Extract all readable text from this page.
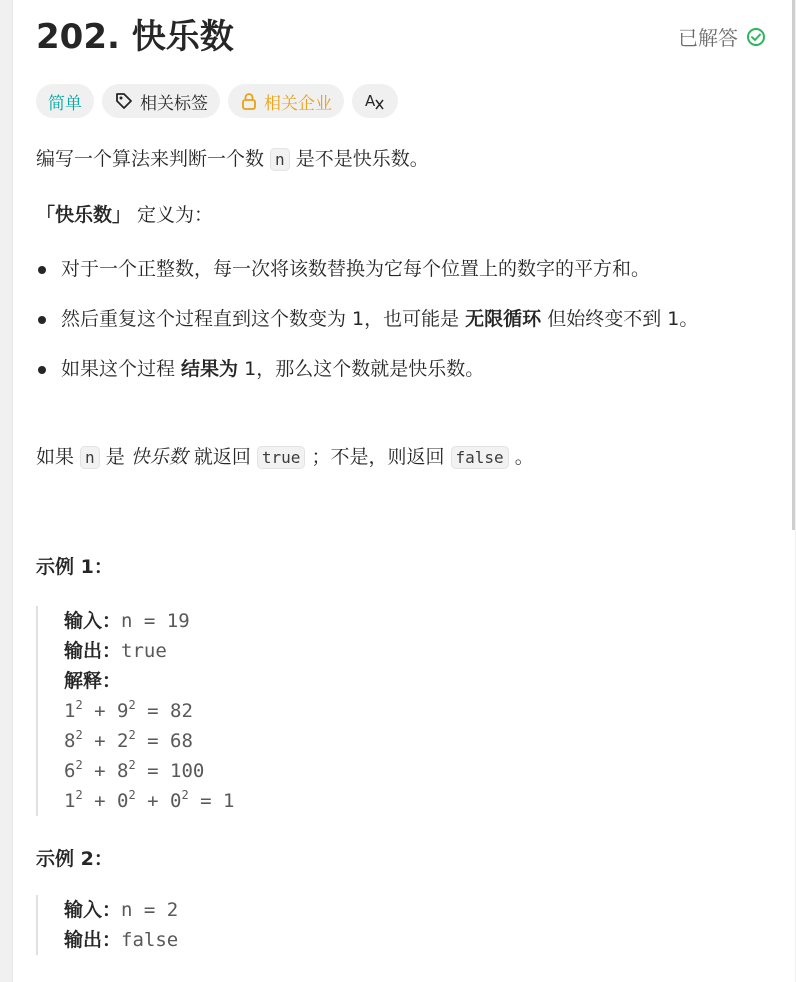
202. 快乐数	已解答
简单	相关标签	相关企业 A

编写一个算法来判断一个数 n 是不是快乐数。

「快乐数」 定义为：

对于一个正整数，每一次将该数替换为它每个位置上的数字的平方和。
然后重复这个过程直到这个数变为 1，也可能是 无限循环 但始终变不到 1。
如果这个过程 结果为 1，那么这个数就是快乐数。

如果 n 是 快乐数 就返回 true ；不是，则返回 false 。

示例 1：
输入：n = 19
输出：true
解释：
$1^2 + 9^2 = 82$
$8^2 + 2^2 = 68$
$6^2 + 8^2 = 100$
$1^2 + 0^2 + 0^2 = 1$
示例 2：
输入：n = 2
输出：false
